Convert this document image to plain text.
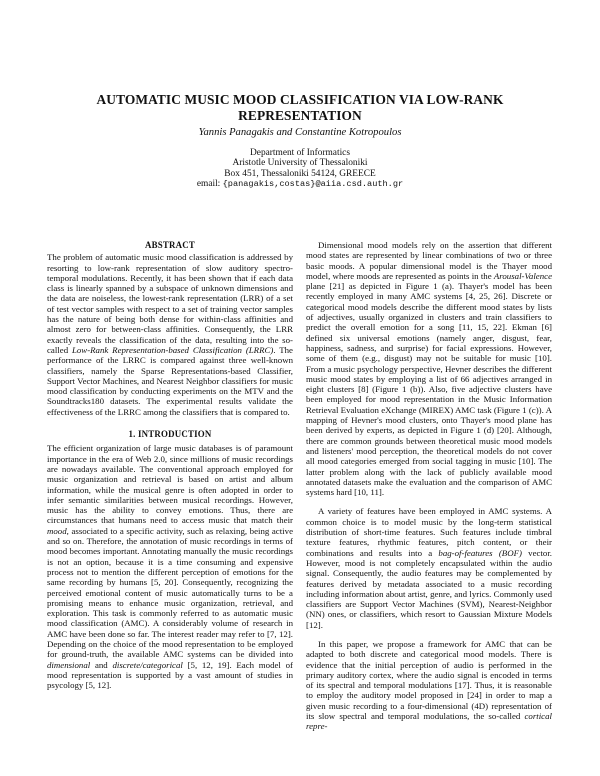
AUTOMATIC MUSIC MOOD CLASSIFICATION VIA LOW-RANK REPRESENTATION
Yannis Panagakis and Constantine Kotropoulos
Department of Informatics
Aristotle University of Thessaloniki
Box 451, Thessaloniki 54124, GREECE
email: {panagakis,costas}@aiia.csd.auth.gr
ABSTRACT

The problem of automatic music mood classification is addressed by resorting to low-rank representation of slow auditory spectro-temporal modulations. Recently, it has been shown that if each data class is linearly spanned by a subspace of unknown dimensions and the data are noiseless, the lowest-rank representation (LRR) of a set of test vector samples with respect to a set of training vector samples has the nature of being both dense for within-class affinities and almost zero for between-class affinities. Consequently, the LRR exactly reveals the classification of the data, resulting into the so-called Low-Rank Representation-based Classification (LRRC). The performance of the LRRC is compared against three well-known classifiers, namely the Sparse Representations-based Classifier, Support Vector Machines, and Nearest Neighbor classifiers for music mood classification by conducting experiments on the MTV and the Soundtracks180 datasets. The experimental results validate the effectiveness of the LRRC among the classifiers that is compared to.

1. INTRODUCTION

The efficient organization of large music databases is of paramount importance in the era of Web 2.0, since millions of music recordings are nowadays available. The conventional approach employed for music organization and retrieval is based on artist and album information, while the musical genre is often adopted in order to infer semantic similarities between musical recordings. However, music has the ability to convey emotions. Thus, there are circumstances that humans need to access music that match their mood, associated to a specific activity, such as relaxing, being active and so on. Therefore, the annotation of music recordings in terms of mood becomes important. Annotating manually the music recordings is not an option, because it is a time consuming and expensive process not to mention the different perception of emotions for the same recording by humans [5, 20]. Consequently, recognizing the perceived emotional content of music automatically turns to be a promising means to enhance music organization, retrieval, and exploration. This task is commonly referred to as automatic music mood classification (AMC). A considerably volume of research in AMC have been done so far. The interest reader may refer to [7, 12]. Depending on the choice of the mood representation to be employed for ground-truth, the available AMC systems can be divided into dimensional and discrete/categorical [5, 12, 19]. Each model of mood representation is supported by a vast amount of studies in psycology [5, 12].

Dimensional mood models rely on the assertion that different mood states are represented by linear combinations of two or three basic moods. A popular dimensional model is the Thayer mood model, where moods are represented as points in the Arousal-Valence plane [21] as depicted in Figure 1 (a). Thayer's model has been recently employed in many AMC systems [4, 25, 26]. Discrete or categorical mood models describe the different mood states by lists of adjectives, usually organized in clusters and train classifiers to predict the overall emotion for a song [11, 15, 22]. Ekman [6] defined six universal emotions (namely anger, disgust, fear, happiness, sadness, and surprise) for facial expressions. However, some of them (e.g., disgust) may not be suitable for music [10]. From a music psychology perspective, Hevner describes the different music mood states by employing a list of 66 adjectives arranged in eight clusters [8] (Figure 1 (b)). Also, five adjective clusters have been employed for mood representation in the Music Information Retrieval Evaluation eXchange (MIREX) AMC task (Figure 1 (c)). A mapping of Hevner's mood clusters, onto Thayer's mood plane has been derived by experts, as depicted in Figure 1 (d) [20]. Although, there are common grounds between theoretical music mood models and listeners' mood perception, the theoretical models do not cover all mood categories emerged from social tagging in music [10]. The latter problem along with the lack of publicly available mood annotated datasets make the evaluation and the comparison of AMC systems hard [10, 11].

A variety of features have been employed in AMC systems. A common choice is to model music by the long-term statistical distribution of short-time features. Such features include timbral texture features, rhythmic features, pitch content, or their combinations and results into a bag-of-features (BOF) vector. However, mood is not completely encapsulated within the audio signal. Consequently, the audio features may be complemented by features derived by metadata associated to a music recording including information about artist, genre, and lyrics. Commonly used classifiers are Support Vector Machines (SVM), Nearest-Neighbor (NN) ones, or classifiers, which resort to Gaussian Mixture Models [12].

In this paper, we propose a framework for AMC that can be adapted to both discrete and categorical mood models. There is evidence that the initial perception of audio is performed in the primary auditory cortex, where the audio signal is encoded in terms of its spectral and temporal modulations [17]. Thus, it is reasonable to employ the auditory model proposed in [24] in order to map a given music recording to a four-dimensional (4D) representation of its slow spectral and temporal modulations, the so-called cortical repre-
